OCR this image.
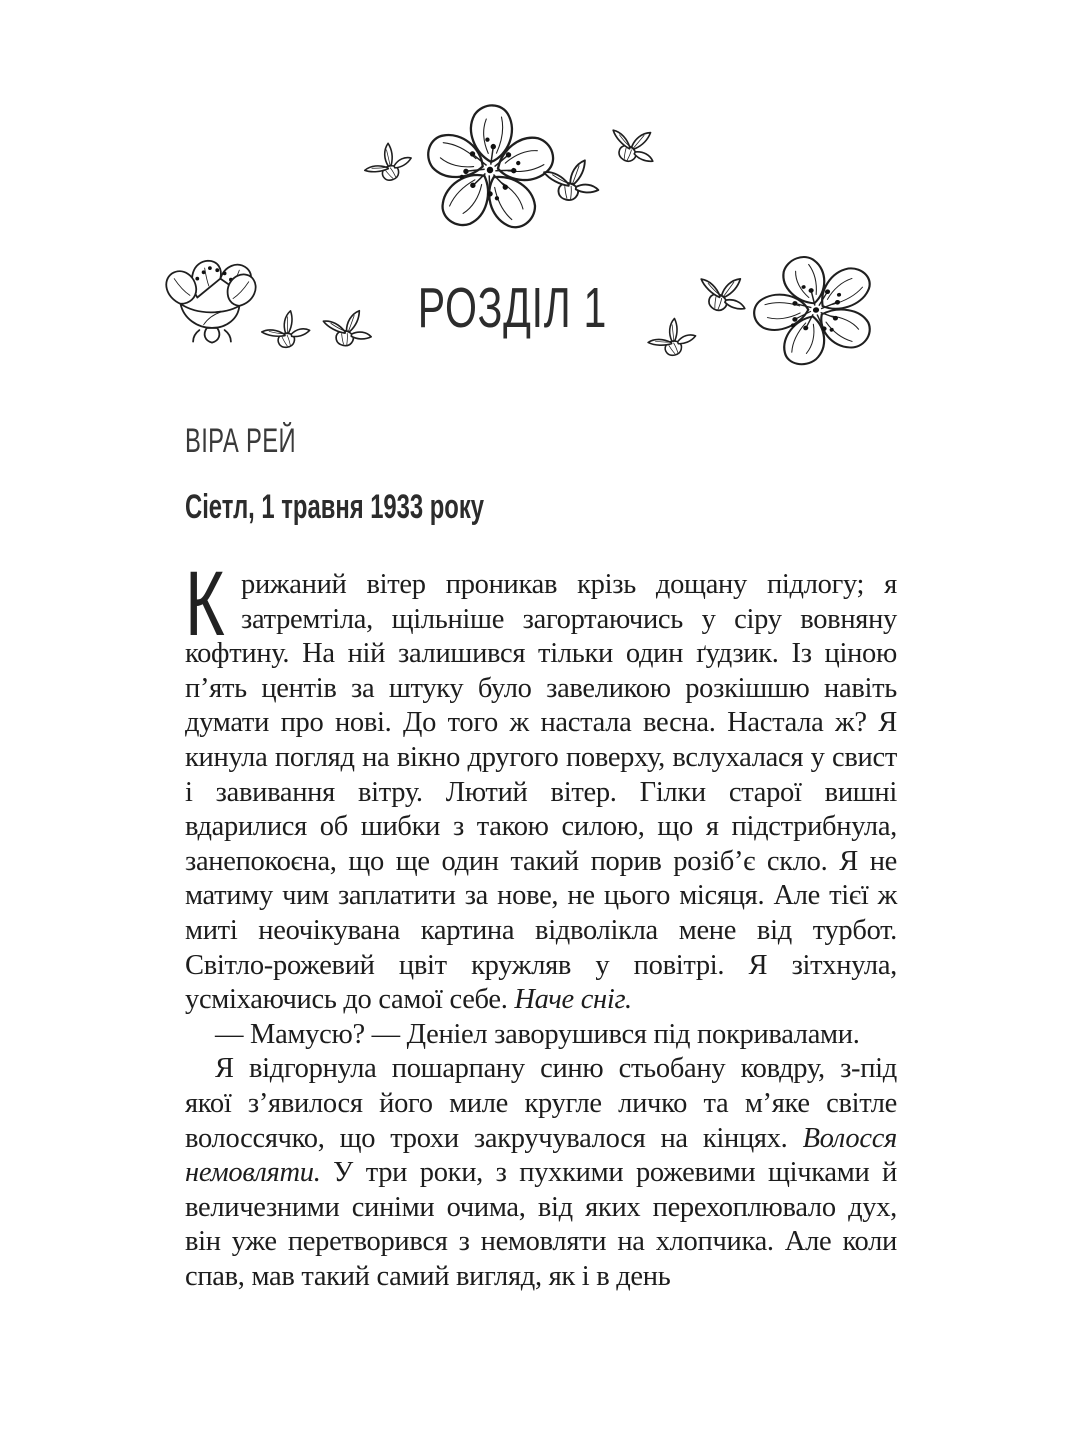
РОЗДІЛ 1
ВІРА РЕЙ
Сіетл, 1 травня 1933 року

Крижаний вітер проникав крізь дощану підлогу; я затремтіла, щільніше загортаючись у сіру вовняну кофтину. На ній залишився тільки один ґудзик. Із ціною п’ять центів за штуку було завеликою розкішшю навіть думати про нові. До того ж настала весна. Настала ж? Я кинула погляд на вікно другого поверху, вслухалася у свист і завивання вітру. Лютий вітер. Гілки старої вишні вдарилися об шибки з такою силою, що я підстрибнула, занепокоєна, що ще один такий порив розіб’є скло. Я не матиму чим заплатити за нове, не цього місяця. Але тієї ж миті неочікувана картина відволікла мене від турбот. Світло-рожевий цвіт кружляв у повітрі. Я зітхнула, усміхаючись до самої себе. Наче сніг.

— Мамусю? — Деніел заворушився під покривалами.

Я відгорнула пошарпану синю стьобану ковдру, з-під якої з’явилося його миле кругле личко та м’яке світле волоссячко, що трохи закручувалося на кінцях. Волосся немовляти. У три роки, з пухкими рожевими щічками й величезними синіми очима, від яких перехоплювало дух, він уже перетворився з немовляти на хлопчика. Але коли спав, мав такий самий вигляд, як і в день
